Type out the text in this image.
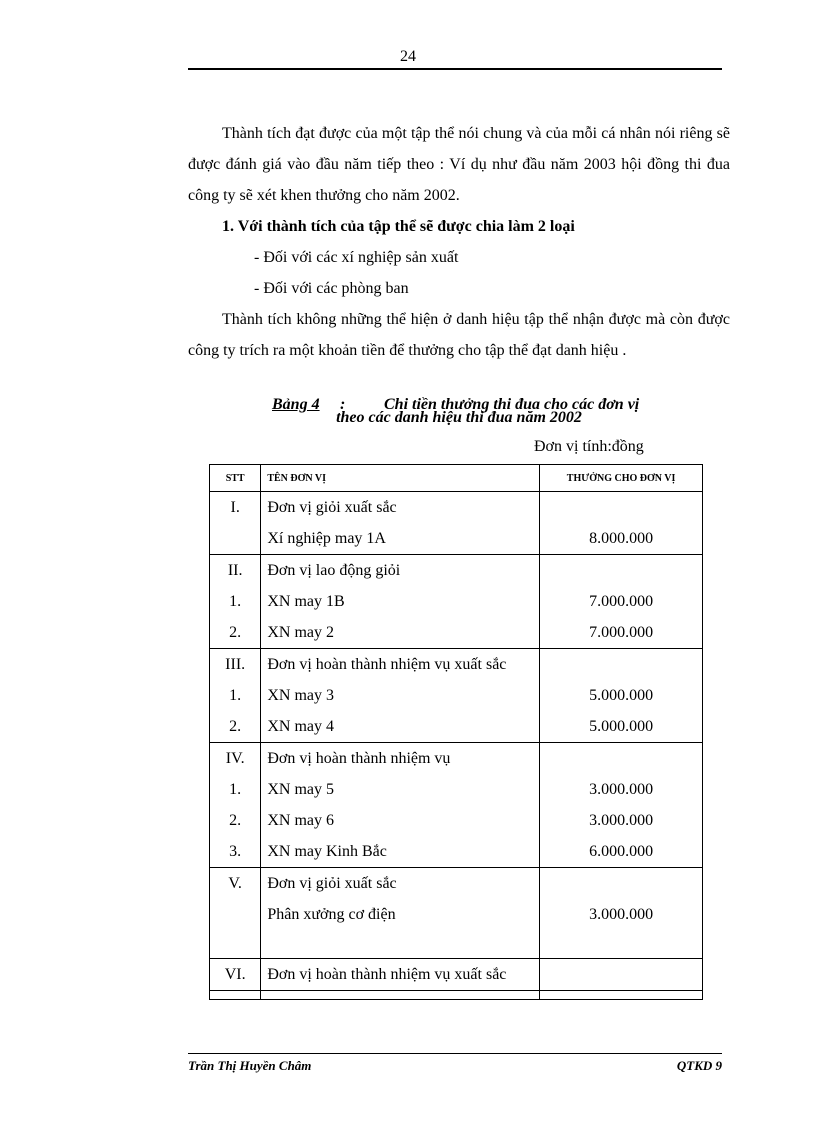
24

Thành tích đạt được của một tập thể nói chung và của mỗi cá nhân nói riêng sẽ được đánh giá vào đầu năm tiếp theo : Ví dụ như đầu năm 2003 hội đồng thi đua công ty sẽ xét khen thưởng cho năm 2002.

1. Với thành tích của tập thể sẽ được chia làm 2 loại

- Đối với các xí nghiệp sản xuất

- Đối với các phòng ban

Thành tích không những thể hiện ở danh hiệu tập thể nhận được mà còn được công ty trích ra một khoản tiền để thưởng cho tập thể đạt danh hiệu .

Bảng 4 : Chi tiền thưởng thi đua cho các đơn vị
theo các danh hiệu thi đua năm 2002
Đơn vị tính:đồng
STT	TÊN ĐƠN VỊ	THƯỞNG CHO ĐƠN VỊ
I.	Đơn vị giỏi xuất sắc	
	Xí nghiệp may 1A	8.000.000
II.	Đơn vị lao động giỏi	
1.	XN may 1B	7.000.000
2.	XN may 2	7.000.000
III.	Đơn vị hoàn thành nhiệm vụ xuất sắc	
1.	XN may 3	5.000.000
2.	XN may 4	5.000.000
IV.	Đơn vị hoàn thành nhiệm vụ	
1.	XN may 5	3.000.000
2.	XN may 6	3.000.000
3.	XN may Kinh Bắc	6.000.000
V.	Đơn vị giỏi xuất sắc	
	Phân xưởng cơ điện	3.000.000

VI.	Đơn vị hoàn thành nhiệm vụ xuất sắc	

Trần Thị Huyền Châm	QTKD 9
